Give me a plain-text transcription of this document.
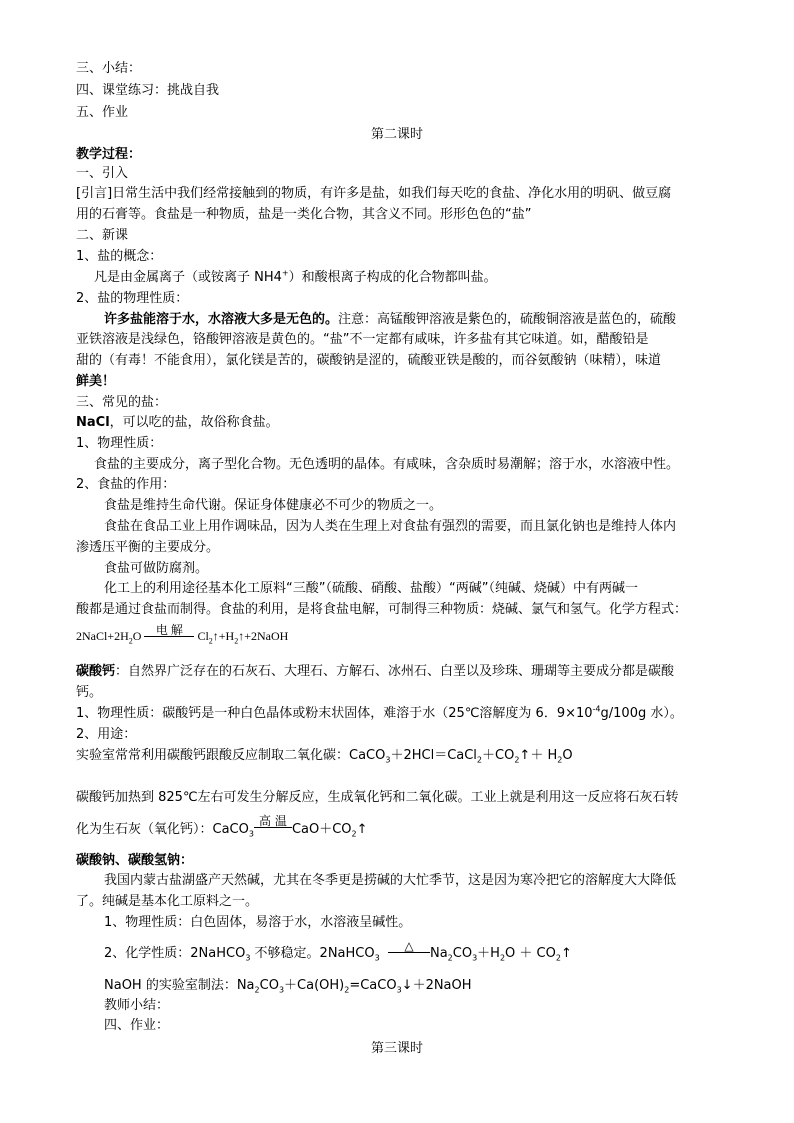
三、小结：
四、课堂练习：挑战自我
五、作业
第二课时
教学过程：
一、引入
[引言]日常生活中我们经常接触到的物质，有许多是盐，如我们每天吃的食盐、净化水用的明矾、做豆腐
用的石膏等。食盐是一种物质，盐是一类化合物，其含义不同。形形色色的“盐”
二、新课
1、盐的概念：
凡是由金属离子（或铵离子 NH4+）和酸根离子构成的化合物都叫盐。
2、盐的物理性质：
许多盐能溶于水，水溶液大多是无色的。注意：高锰酸钾溶液是紫色的，硫酸铜溶液是蓝色的，硫酸
亚铁溶液是浅绿色，铬酸钾溶液是黄色的。“盐”不一定都有咸味，许多盐有其它味道。如，醋酸铅是
甜的（有毒！不能食用），氯化镁是苦的，碳酸钠是涩的，硫酸亚铁是酸的，而谷氨酸钠（味精），味道
鲜美！
三、常见的盐：
NaCl，可以吃的盐，故俗称食盐。
1、物理性质：
食盐的主要成分，离子型化合物。无色透明的晶体。有咸味，含杂质时易潮解；溶于水，水溶液中性。
2、食盐的作用：
食盐是维持生命代谢。保证身体健康必不可少的物质之一。
食盐在食品工业上用作调味品，因为人类在生理上对食盐有强烈的需要，而且氯化钠也是维持人体内
渗透压平衡的主要成分。
食盐可做防腐剂。
化工上的利用途径基本化工原料“三酸”（硫酸、硝酸、盐酸）“两碱”（纯碱、烧碱）中有两碱一
酸都是通过食盐而制得。食盐的利用，是将食盐电解，可制得三种物质：烧碱、氯气和氢气。化学方程式：
$2NaCl+2H_2O$	电 解	$Cl_2↑+H_2↑+2NaOH$
碳酸钙：自然界广泛存在的石灰石、大理石、方解石、冰州石、白垩以及珍珠、珊瑚等主要成分都是碳酸
钙。
1、物理性质：碳酸钙是一种白色晶体或粉末状固体，难溶于水（25℃溶解度为 6．$9\times 10^{-4}g/100g$ 水）。
2、用途：
实验室常常利用碳酸钙跟酸反应制取二氧化碳：$CaCO_3+2HCl=CaCl_2+CO_2↑+ H_2O$
碳酸钙加热到 825℃左右可发生分解反应，生成氧化钙和二氧化碳。工业上就是利用这一反应将石灰石转
化为生石灰（氧化钙）：CaCO$_3$
高 温
$CaO+CO_2↑$
碳酸钠、碳酸氢钠：
我国内蒙古盐湖盛产天然碱，尤其在冬季更是捞碱的大忙季节，这是因为寒冷把它的溶解度大大降低
了。纯碱是基本化工原料之一。
1、物理性质：白色固体，易溶于水，水溶液呈碱性。
2、化学性质：2NaHCO$_3$ 不够稳定。2NaHCO$_3$
△	$Na_2CO_3+H_2O$ ＋ $CO_2↑$
NaOH 的实验室制法：$Na_2CO_3+Ca(OH)_2=CaCO_3↓+2NaOH$
教师小结：
四、作业：
第三课时
